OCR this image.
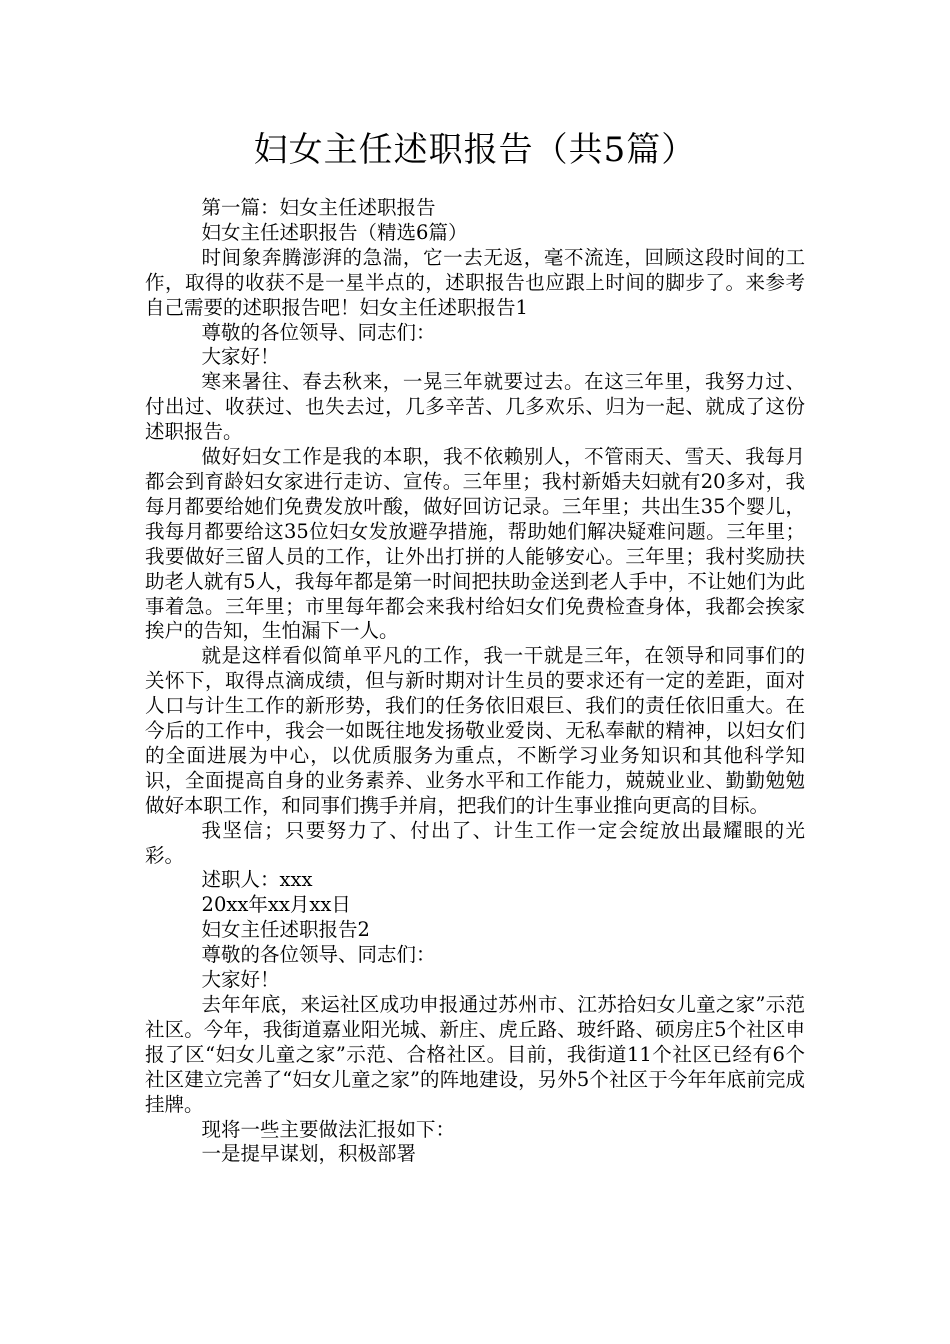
妇女主任述职报告（共5篇）

第一篇：妇女主任述职报告

妇女主任述职报告（精选6篇）

时间象奔腾澎湃的急湍，它一去无返，毫不流连，回顾这段时间的工作，取得的收获不是一星半点的，述职报告也应跟上时间的脚步了。来参考自己需要的述职报告吧！妇女主任述职报告1

尊敬的各位领导、同志们：

大家好！

寒来暑往、春去秋来，一晃三年就要过去。在这三年里，我努力过、付出过、收获过、也失去过，几多辛苦、几多欢乐、归为一起、就成了这份述职报告。

做好妇女工作是我的本职，我不依赖别人，不管雨天、雪天、我每月都会到育龄妇女家进行走访、宣传。三年里；我村新婚夫妇就有20多对，我每月都要给她们免费发放叶酸，做好回访记录。三年里；共出生35个婴儿，我每月都要给这35位妇女发放避孕措施，帮助她们解决疑难问题。三年里；我要做好三留人员的工作，让外出打拼的人能够安心。三年里；我村奖励扶助老人就有5人，我每年都是第一时间把扶助金送到老人手中，不让她们为此事着急。三年里；市里每年都会来我村给妇女们免费检查身体，我都会挨家挨户的告知，生怕漏下一人。

就是这样看似简单平凡的工作，我一干就是三年，在领导和同事们的关怀下，取得点滴成绩，但与新时期对计生员的要求还有一定的差距，面对人口与计生工作的新形势，我们的任务依旧艰巨、我们的责任依旧重大。在今后的工作中，我会一如既往地发扬敬业爱岗、无私奉献的精神，以妇女们的全面进展为中心，以优质服务为重点，不断学习业务知识和其他科学知识，全面提高自身的业务素养、业务水平和工作能力，兢兢业业、勤勤勉勉做好本职工作，和同事们携手并肩，把我们的计生事业推向更高的目标。

我坚信；只要努力了、付出了、计生工作一定会绽放出最耀眼的光彩。

述职人：xxx

20xx年xx月xx日

妇女主任述职报告2

尊敬的各位领导、同志们：

大家好！

去年年底，来运社区成功申报通过苏州市、江苏拾妇女儿童之家”示范社区。今年，我街道嘉业阳光城、新庄、虎丘路、玻纤路、硕房庄5个社区申报了区“妇女儿童之家”示范、合格社区。目前，我街道11个社区已经有6个社区建立完善了“妇女儿童之家”的阵地建设，另外5个社区于今年年底前完成挂牌。

现将一些主要做法汇报如下：

一是提早谋划，积极部署
